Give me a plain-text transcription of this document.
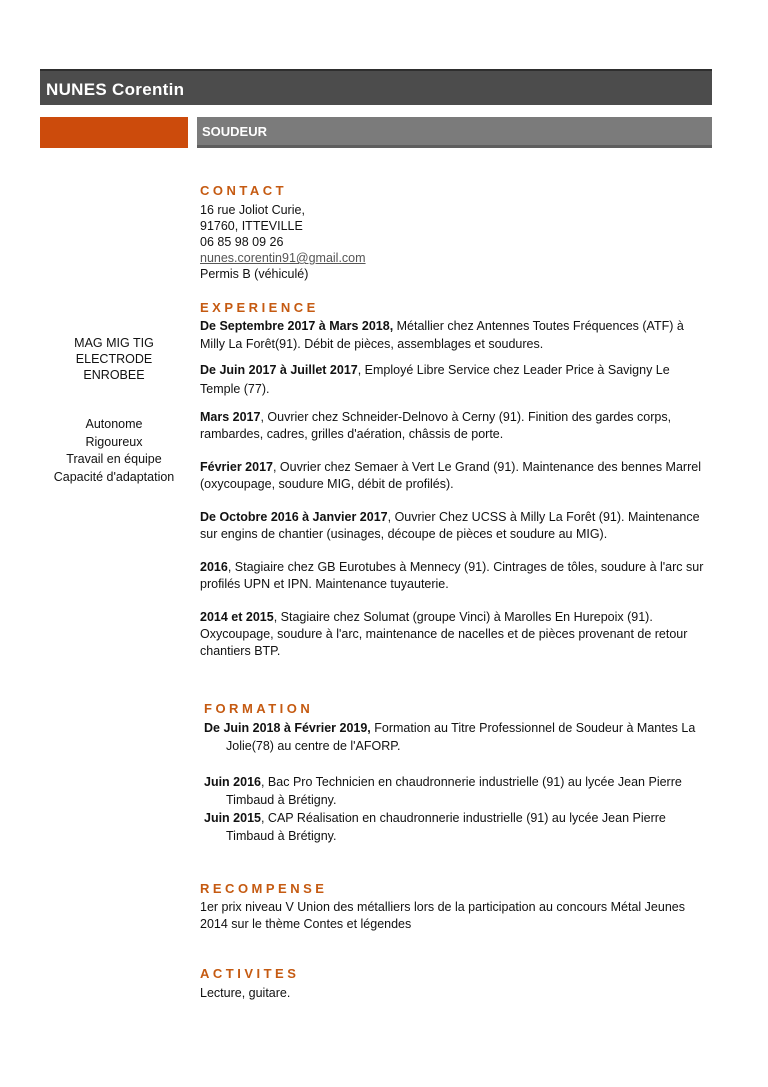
NUNES Corentin
SOUDEUR
MAG MIG TIG
ELECTRODE
ENROBEE
Autonome
Rigoureux
Travail en équipe
Capacité d'adaptation
CONTACT
16 rue Joliot Curie,
91760, ITTEVILLE
06 85 98 09 26
nunes.corentin91@gmail.com
Permis B (véhiculé)
EXPERIENCE

De Septembre 2017 à Mars 2018, Métallier chez Antennes Toutes Fréquences (ATF) à Milly La Forêt(91). Débit de pièces, assemblages et soudures.

De Juin 2017 à Juillet 2017, Employé Libre Service chez Leader Price à Savigny Le Temple (77).

Mars 2017, Ouvrier chez Schneider-Delnovo à Cerny (91). Finition des gardes corps, rambardes, cadres, grilles d'aération, châssis de porte.

Février 2017, Ouvrier chez Semaer à Vert Le Grand (91). Maintenance des bennes Marrel (oxycoupage, soudure MIG, débit de profilés).

De Octobre 2016 à Janvier 2017, Ouvrier Chez UCSS à Milly La Forêt (91). Maintenance sur engins de chantier (usinages, découpe de pièces et soudure au MIG).

2016, Stagiaire chez GB Eurotubes à Mennecy (91). Cintrages de tôles, soudure à l'arc sur profilés UPN et IPN. Maintenance tuyauterie.

2014 et 2015, Stagiaire chez Solumat (groupe Vinci) à Marolles En Hurepoix (91). Oxycoupage, soudure à l'arc, maintenance de nacelles et de pièces provenant de retour chantiers BTP.

FORMATION

De Juin 2018 à Février 2019, Formation au Titre Professionnel de Soudeur à Mantes La Jolie(78) au centre de l'AFORP.

Juin 2016, Bac Pro Technicien en chaudronnerie industrielle (91) au lycée Jean Pierre Timbaud à Brétigny.

Juin 2015, CAP Réalisation en chaudronnerie industrielle (91) au lycée Jean Pierre Timbaud à Brétigny.

RECOMPENSE

1er prix niveau V Union des métalliers lors de la participation au concours Métal Jeunes 2014 sur le thème Contes et légendes

ACTIVITES

Lecture, guitare.
